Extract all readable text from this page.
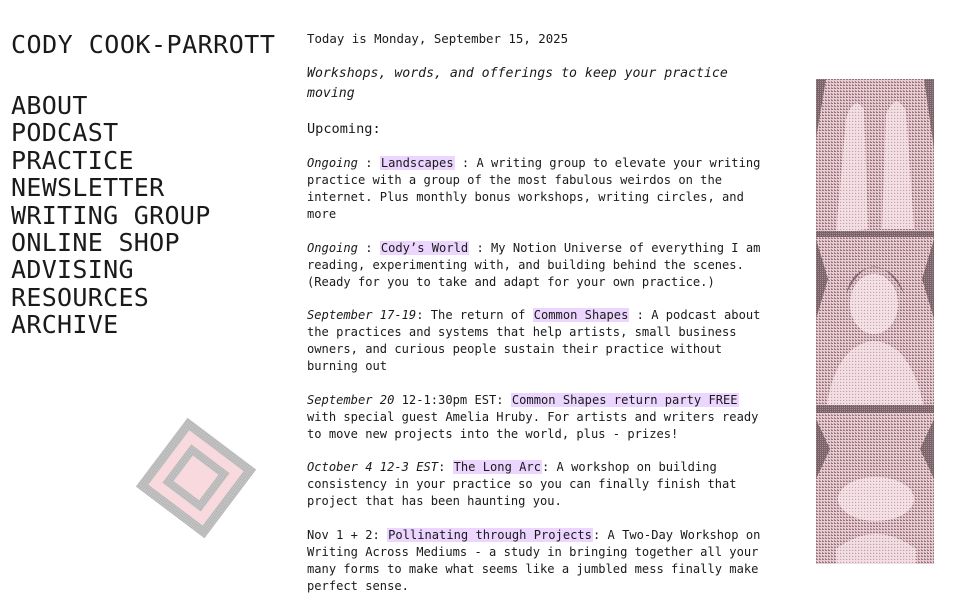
CODY COOK-PARROTT
ABOUT
PODCAST
PRACTICE
NEWSLETTER
WRITING GROUP
ONLINE SHOP
ADVISING
RESOURCES
ARCHIVE

Today is Monday, September 15, 2025

Workshops, words, and offerings to keep your practice moving

Upcoming:

Ongoing : Landscapes : A writing group to elevate your writing practice with a group of the most fabulous weirdos on the internet. Plus monthly bonus workshops, writing circles, and more

Ongoing : Cody’s World : My Notion Universe of everything I am reading, experimenting with, and building behind the scenes. (Ready for you to take and adapt for your own practice.)

September 17-19: The return of Common Shapes : A podcast about the practices and systems that help artists, small business owners, and curious people sustain their practice without burning out

September 20 12-1:30pm EST: Common Shapes return party FREE with special guest Amelia Hruby. For artists and writers ready to move new projects into the world, plus - prizes!

October 4 12-3 EST: The Long Arc: A workshop on building consistency in your practice so you can finally finish that project that has been haunting you.

Nov 1 + 2: Pollinating through Projects: A Two-Day Workshop on Writing Across Mediums - a study in bringing together all your many forms to make what seems like a jumbled mess finally make perfect sense.
